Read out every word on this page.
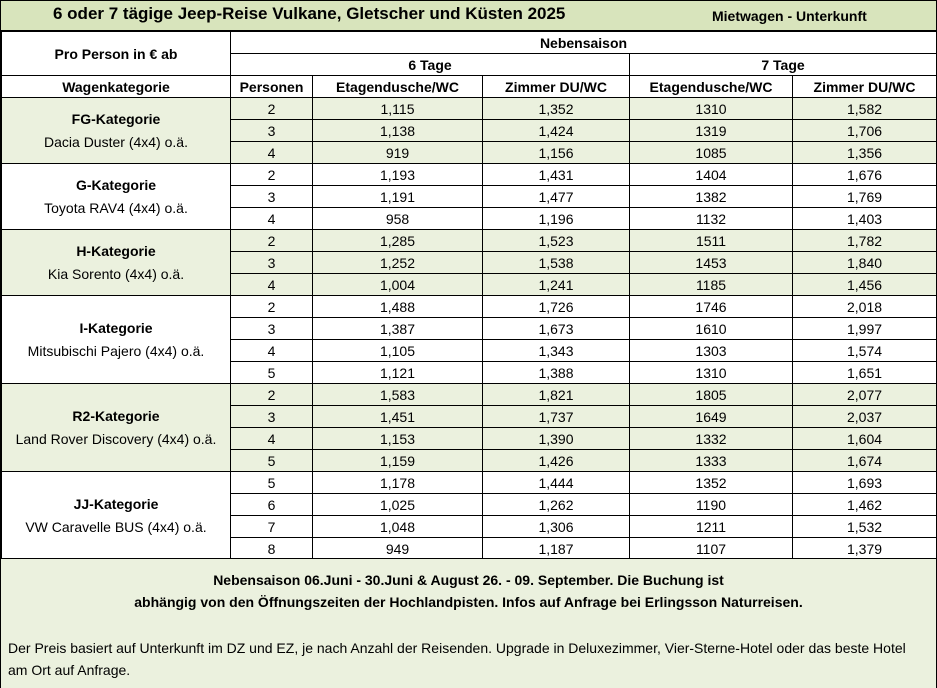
6 oder 7 tägige Jeep-Reise Vulkane, Gletscher und Küsten 2025	Mietwagen - Unterkunft
Pro Person in € ab	Nebensaison				
	6 Tage			7 Tage	
Wagenkategorie	Personen	Etagendusche/WC	Zimmer DU/WC	Etagendusche/WC	Zimmer DU/WC

FG-Kategorie
Dacia Duster (4x4) o.ä.	2	1,115	1,352	1310	1,582
	3	1,138	1,424	1319	1,706
	4	919	1,156	1085	1,356

G-Kategorie
Toyota RAV4 (4x4) o.ä.	2	1,193	1,431	1404	1,676
	3	1,191	1,477	1382	1,769
	4	958	1,196	1132	1,403

H-Kategorie
Kia Sorento (4x4) o.ä.	2	1,285	1,523	1511	1,782
	3	1,252	1,538	1453	1,840
	4	1,004	1,241	1185	1,456

I-Kategorie
Mitsubischi Pajero (4x4) o.ä.	2	1,488	1,726	1746	2,018
	3	1,387	1,673	1610	1,997
	4	1,105	1,343	1303	1,574
	5	1,121	1,388	1310	1,651

R2-Kategorie
Land Rover Discovery (4x4) o.ä.	2	1,583	1,821	1805	2,077
	3	1,451	1,737	1649	2,037
	4	1,153	1,390	1332	1,604
	5	1,159	1,426	1333	1,674

JJ-Kategorie
VW Caravelle BUS (4x4) o.ä.	5	1,178	1,444	1352	1,693
	6	1,025	1,262	1190	1,462
	7	1,048	1,306	1211	1,532
	8	949	1,187	1107	1,379
Nebensaison 06.Juni - 30.Juni & August 26. - 09. September. Die Buchung ist
abhängig von den Öffnungszeiten der Hochlandpisten. Infos auf Anfrage bei Erlingsson Naturreisen.
Der Preis basiert auf Unterkunft im DZ und EZ, je nach Anzahl der Reisenden. Upgrade in Deluxezimmer, Vier-Sterne-Hotel oder das beste Hotel am Ort auf Anfrage.
